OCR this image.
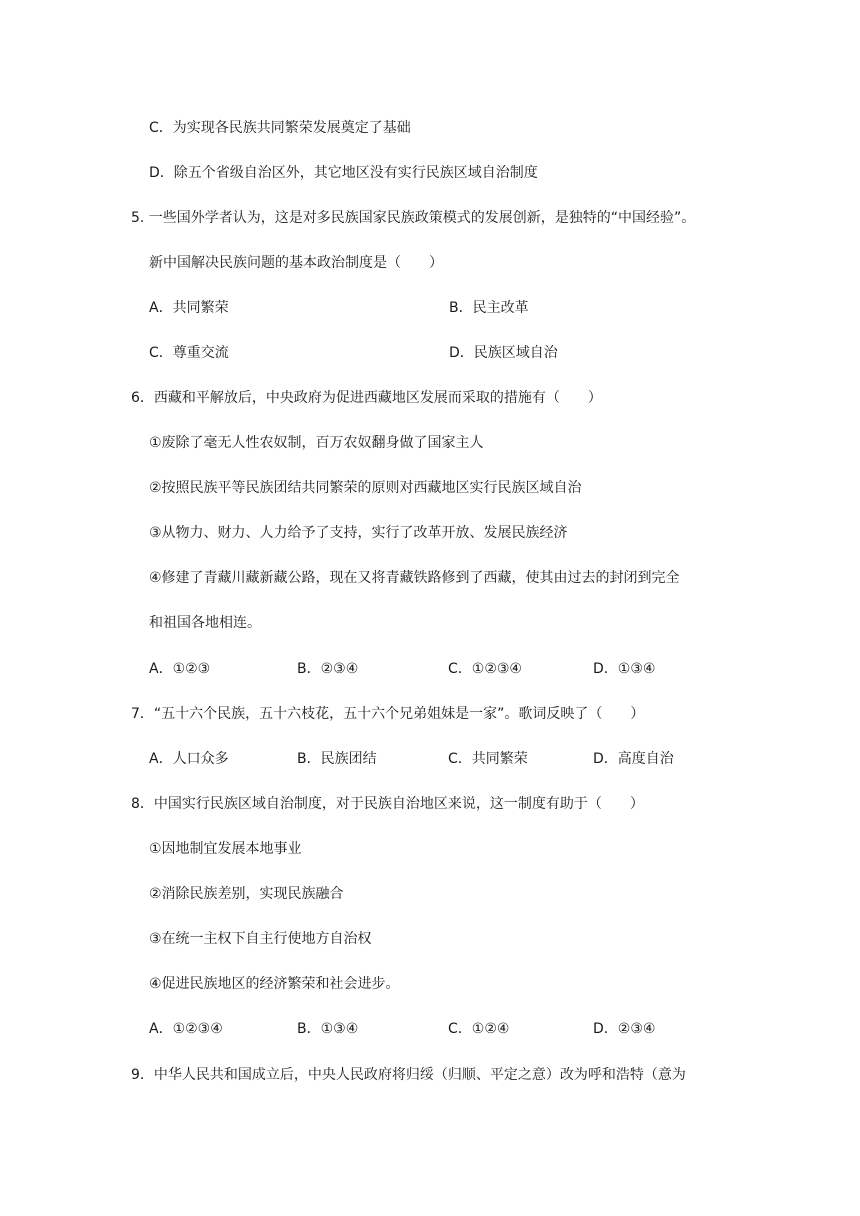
C．为实现各民族共同繁荣发展奠定了基础
D．除五个省级自治区外，其它地区没有实行民族区域自治制度
5. 一些国外学者认为，这是对多民族国家民族政策模式的发展创新，是独特的“中国经验”。
新中国解决民族问题的基本政治制度是（　　）
A．共同繁荣	B．民主改革
C．尊重交流	D．民族区域自治
6．西藏和平解放后，中央政府为促进西藏地区发展而采取的措施有（　　）
①废除了毫无人性农奴制，百万农奴翻身做了国家主人
②按照民族平等民族团结共同繁荣的原则对西藏地区实行民族区域自治
③从物力、财力、人力给予了支持，实行了改革开放、发展民族经济
④修建了青藏川藏新藏公路，现在又将青藏铁路修到了西藏，使其由过去的封闭到完全
和祖国各地相连。
A．①②③	B．②③④	C．①②③④	D．①③④
7．“五十六个民族，五十六枝花，五十六个兄弟姐妹是一家”。歌词反映了（　　）
A．人口众多	B．民族团结	C．共同繁荣	D．高度自治
8．中国实行民族区域自治制度，对于民族自治地区来说，这一制度有助于（　　）
①因地制宜发展本地事业
②消除民族差别，实现民族融合
③在统一主权下自主行使地方自治权
④促进民族地区的经济繁荣和社会进步。
A．①②③④	B．①③④	C．①②④	D．②③④
9．中华人民共和国成立后，中央人民政府将归绥（归顺、平定之意）改为呼和浩特（意为
